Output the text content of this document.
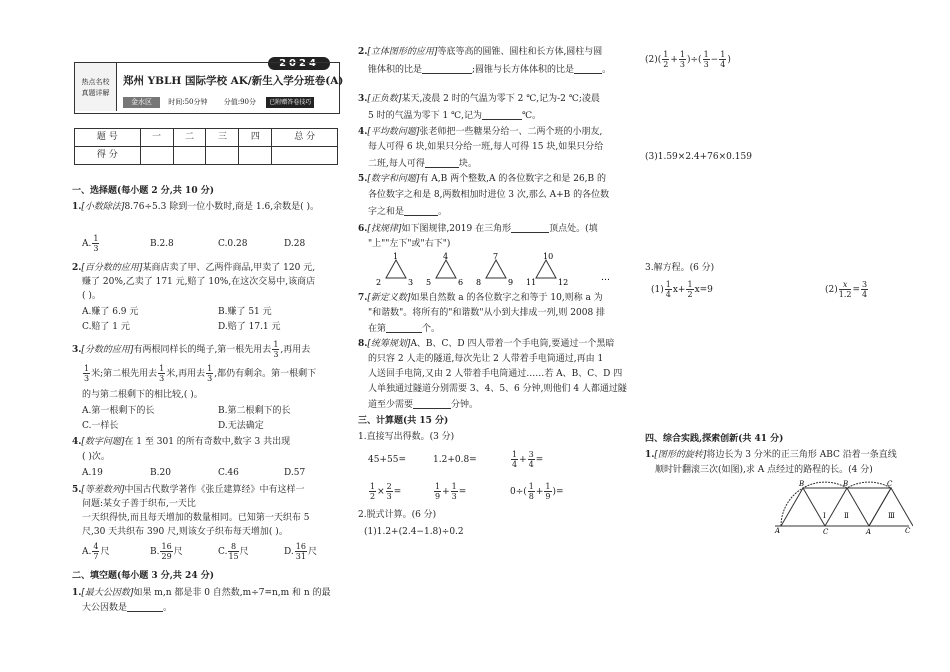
2024
热点名校
真题详解
郑州 YBLH 国际学校 AK/新生入学分班卷(A)
金水区 时间:50分钟 分值:90分 已附赠答卷技巧
题 号	一	二	三	四	总 分
得 分					
一、选择题(每小题 2 分,共 10 分)
1.[小数除法]8.76÷5.3 除到一位小数时,商是 1.6,余数是( )。
A. $\frac{1}{3}$	B.2.8	C.0.28	D.28
2.[百分数的应用]某商店卖了甲、乙两件商品,甲卖了 120 元,
赚了 20%,乙卖了 171 元,赔了 10%,在这次交易中,该商店
( )。
A.赚了 6.9 元	B.赚了 51 元
C.赔了 1 元	D.赔了 17.1 元
3.[分数的应用]有两根同样长的绳子,第一根先用去 $\frac{1}{3}$ ,再用去
$\frac{1}{3}$ 米;第二根先用去 $\frac{1}{3}$ 米,再用去 $\frac{1}{3}$ ,都仍有剩余。第一根剩下
的与第二根剩下的相比较,( )。
A.第一根剩下的长	B.第二根剩下的长
C.一样长	D.无法确定
4.[数字问题]在 1 至 301 的所有奇数中,数字 3 共出现
( )次。
A.19	B.20	C.46	D.57
5.[等差数列]中国古代数学著作《张丘建算经》中有这样一
问题:某女子善于织布,一天比
一天织得快,而且每天增加的数量相同。已知第一天织布 5
尺,30 天共织布 390 尺,则该女子织布每天增加( )。
A. $\frac{4}{7}$ 尺	B. $\frac{16}{29}$ 尺	C. $\frac{8}{15}$ 尺	D. $\frac{16}{31}$ 尺
二、填空题(每小题 3 分,共 24 分)
1.[最大公因数]如果 m,n 都是非 0 自然数,m÷7=n,m 和 n 的最
大公因数是	。
2.[立体图形的应用]等底等高的圆锥、圆柱和长方体,圆柱与圆
锥体积的比是	;圆锥与长方体体积的比是	。
3.[正负数]某天,凌晨 2 时的气温为零下 2 ℃,记为-2 ℃;凌晨
5 时的气温为零下 1 ℃,记为	℃。
4.[平均数问题]张老师把一些糖果分给一、二两个班的小朋友,
每人可得 6 块,如果只分给一班,每人可得 15 块,如果只分给
二班,每人可得	块。
5.[数字和问题]有 A,B 两个整数,A 的各位数字之和是 26,B 的
各位数字之和是 8,两数相加时进位 3 次,那么 A+B 的各位数
字之和是	。
6.[找规律]如下图规律,2019 在三角形	顶点处。(填
"上""左下"或"右下")
1
2	3
4
5	6
7
8	9
10
11	12	…
7.[新定义数]如果自然数 a 的各位数字之和等于 10,则称 a 为
"和谐数"。将所有的"和谐数"从小到大排成一列,则 2008 排
在第	个。
8.[统筹规划]A、B、C、D 四人带着一个手电筒,要通过一个黑暗
的只容 2 人走的隧道,每次先让 2 人带着手电筒通过,再由 1
人送回手电筒,又由 2 人带着手电筒通过……若 A、B、C、D 四
人单独通过隧道分别需要 3、4、5、6 分钟,则他们 4 人都通过隧
道至少需要	分钟。
三、计算题(共 15 分)
1.直接写出得数。(3 分)
45+55=	1.2+0.8=	$\frac{1}{4} + \frac{3}{4}$ =
$\frac{1}{2} \times \frac{2}{3}$ =	$\frac{1}{9} + \frac{1}{3}$ =	$0\div( \frac{1}{8} + \frac{1}{9}$ )=
2.脱式计算。(6 分)
(1)1.2+(2.4−1.8)÷0.2
$(2)( \frac{1}{2} + \frac{1}{3}$ )÷( $\frac{1}{3} - \frac{1}{4}$ )
(3)1.59×2.4+76×0.159
3.解方程。(6 分)
$(1) \frac{1}{4} x+ \frac{1}{2} x=9$	$(2) \frac{x}{1.2} = \frac{3}{4}$
四、综合实践,探索创新(共 41 分)
1.[图形的旋转]将边长为 3 分米的正三角形 ABC 沿着一条直线
顺时针翻滚三次(如图),求 A 点经过的路程的长。(4 分)
A
B
C
B
A
C
C
Ⅰ	Ⅱ	Ⅲ
